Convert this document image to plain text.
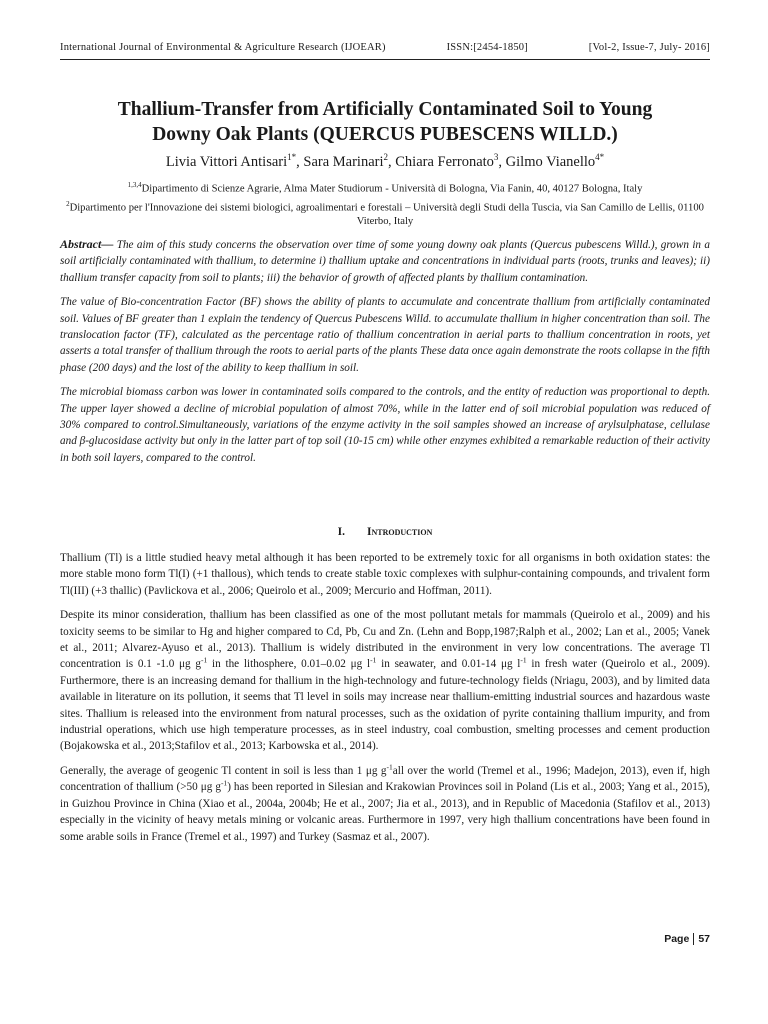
International Journal of Environmental & Agriculture Research (IJOEAR)	ISSN:[2454-1850]	[Vol-2, Issue-7, July- 2016]
Thallium-Transfer from Artificially Contaminated Soil to Young
Downy Oak Plants (QUERCUS PUBESCENS WILLD.)
Livia Vittori Antisari$^{1*}$, Sara Marinari$^2$, Chiara Ferronato$^3$, Gilmo Vianello$^{4*}$
$^{1,3,4}$Dipartimento di Scienze Agrarie, Alma Mater Studiorum - Università di Bologna, Via Fanin, 40, 40127 Bologna, Italy
$^2$Dipartimento per l'Innovazione dei sistemi biologici, agroalimentari e forestali – Università degli Studi della Tuscia, via San Camillo de Lellis, 01100 Viterbo, Italy

Abstract— The aim of this study concerns the observation over time of some young downy oak plants (Quercus pubescens Willd.), grown in a soil artificially contaminated with thallium, to determine i) thallium uptake and concentrations in individual parts (roots, trunks and leaves); ii) thallium transfer capacity from soil to plants; iii) the behavior of growth of affected plants by thallium contamination.

The value of Bio-concentration Factor (BF) shows the ability of plants to accumulate and concentrate thallium from artificially contaminated soil. Values of BF greater than 1 explain the tendency of Quercus Pubescens Willd. to accumulate thallium in higher concentration than soil. The translocation factor (TF), calculated as the percentage ratio of thallium concentration in aerial parts to thallium concentration in roots, yet asserts a total transfer of thallium through the roots to aerial parts of the plants These data once again demonstrate the roots collapse in the fifth phase (200 days) and the lost of the ability to keep thallium in soil.

The microbial biomass carbon was lower in contaminated soils compared to the controls, and the entity of reduction was proportional to depth. The upper layer showed a decline of microbial population of almost 70%, while in the latter end of soil microbial population was reduced of 30% compared to control.Simultaneously, variations of the enzyme activity in the soil samples showed an increase of arylsulphatase, cellulase and β-glucosidase activity but only in the latter part of top soil (10-15 cm) while other enzymes exhibited a remarkable reduction of their activity in both soil layers, compared to the control.

I. Introduction

Thallium (Tl) is a little studied heavy metal although it has been reported to be extremely toxic for all organisms in both oxidation states: the more stable mono form Tl(I) (+1 thallous), which tends to create stable toxic complexes with sulphur-containing compounds, and trivalent form Tl(III) (+3 thallic) (Pavlickova et al., 2006; Queirolo et al., 2009; Mercurio and Hoffman, 2011).

Despite its minor consideration, thallium has been classified as one of the most pollutant metals for mammals (Queirolo et al., 2009) and his toxicity seems to be similar to Hg and higher compared to Cd, Pb, Cu and Zn. (Lehn and Bopp,1987;Ralph et al., 2002; Lan et al., 2005; Vanek et al., 2011; Alvarez-Ayuso et al., 2013). Thallium is widely distributed in the environment in very low concentrations. The average Tl concentration is 0.1 -1.0 μg $g^{-1}$ in the lithosphere, 0.01–0.02 μg $l^{-1}$ in seawater, and 0.01-14 μg $l^{-1}$ in fresh water (Queirolo et al., 2009). Furthermore, there is an increasing demand for thallium in the high-technology and future-technology fields (Nriagu, 2003), and by limited data available in literature on its pollution, it seems that Tl level in soils may increase near thallium-emitting industrial sources and hazardous waste sites. Thallium is released into the environment from natural processes, such as the oxidation of pyrite containing thallium impurity, and from industrial operations, which use high temperature processes, as in steel industry, coal combustion, smelting processes and cement production (Bojakowska et al., 2013;Stafilov et al., 2013; Karbowska et al., 2014).

Generally, the average of geogenic Tl content in soil is less than 1 μg $g^{-1}all$ over the world (Tremel et al., 1996; Madejon, 2013), even if, high concentration of thallium (>50 μg $g^{-1}$) has been reported in Silesian and Krakowian Provinces soil in Poland (Lis et al., 2003; Yang et al., 2015), in Guizhou Province in China (Xiao et al., 2004a, 2004b; He et al., 2007; Jia et al., 2013), and in Republic of Macedonia (Stafilov et al., 2013) especially in the vicinity of heavy metals mining or volcanic areas. Furthermore in 1997, very high thallium concentrations have been found in some arable soils in France (Tremel et al., 1997) and Turkey (Sasmaz et al., 2007).

Page 57
